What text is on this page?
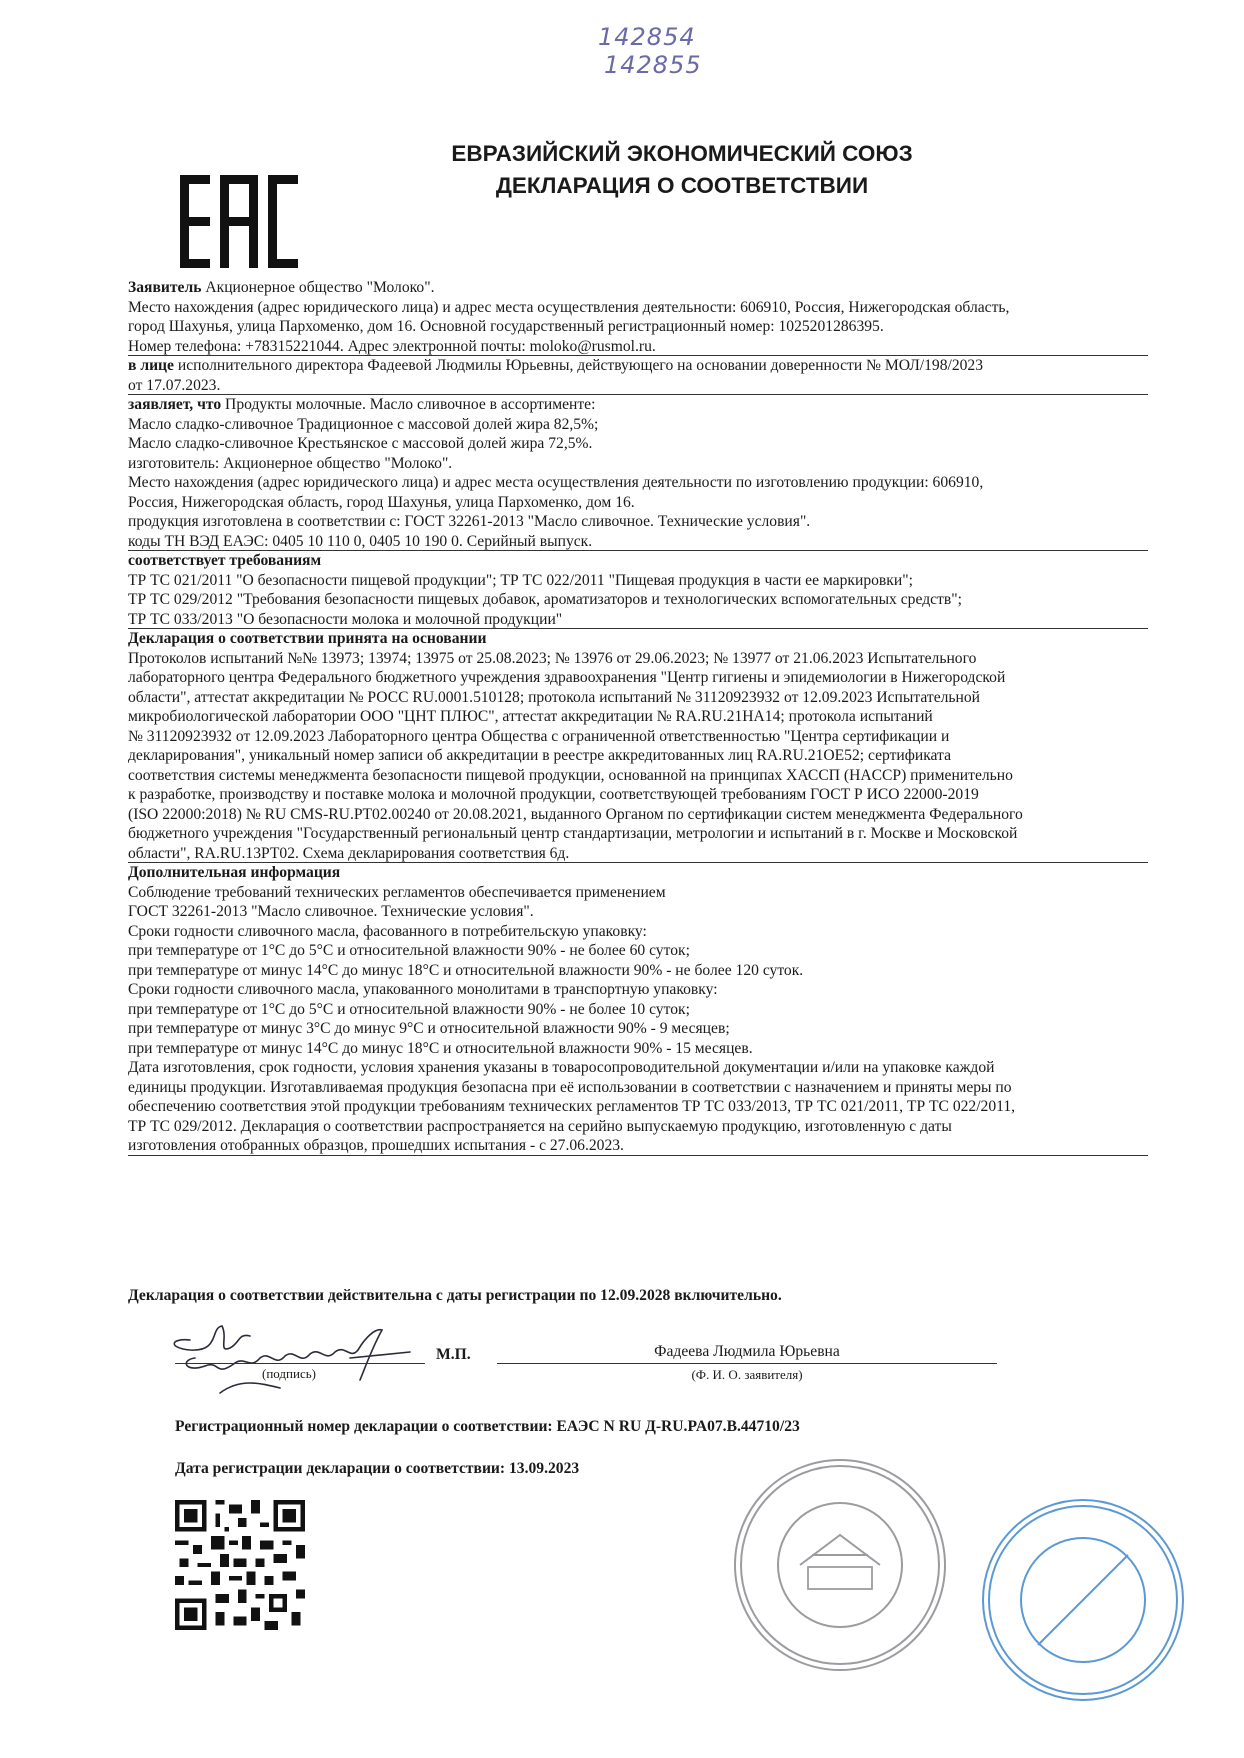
142854
142855
ЕВРАЗИЙСКИЙ ЭКОНОМИЧЕСКИЙ СОЮЗ
ДЕКЛАРАЦИЯ О СООТВЕТСТВИИ
Заявитель Акционерное общество "Молоко".
Место нахождения (адрес юридического лица) и адрес места осуществления деятельности: 606910, Россия, Нижегородская область,
город Шахунья, улица Пархоменко, дом 16. Основной государственный регистрационный номер: 1025201286395.
Номер телефона: +78315221044. Адрес электронной почты: moloko@rusmol.ru.
в лице исполнительного директора Фадеевой Людмилы Юрьевны, действующего на основании доверенности № МОЛ/198/2023
от 17.07.2023.
заявляет, что Продукты молочные. Масло сливочное в ассортименте:
Масло сладко-сливочное Традиционное с массовой долей жира 82,5%;
Масло сладко-сливочное Крестьянское с массовой долей жира 72,5%.
изготовитель: Акционерное общество "Молоко".
Место нахождения (адрес юридического лица) и адрес места осуществления деятельности по изготовлению продукции: 606910,
Россия, Нижегородская область, город Шахунья, улица Пархоменко, дом 16.
продукция изготовлена в соответствии с: ГОСТ 32261-2013 "Масло сливочное. Технические условия".
коды ТН ВЭД ЕАЭС: 0405 10 110 0, 0405 10 190 0. Серийный выпуск.
соответствует требованиям
ТР ТС 021/2011 "О безопасности пищевой продукции"; ТР ТС 022/2011 "Пищевая продукция в части ее маркировки";
ТР ТС 029/2012 "Требования безопасности пищевых добавок, ароматизаторов и технологических вспомогательных средств";
ТР ТС 033/2013 "О безопасности молока и молочной продукции"
Декларация о соответствии принята на основании
Протоколов испытаний №№ 13973; 13974; 13975 от 25.08.2023; № 13976 от 29.06.2023; № 13977 от 21.06.2023 Испытательного
лабораторного центра Федерального бюджетного учреждения здравоохранения "Центр гигиены и эпидемиологии в Нижегородской
области", аттестат аккредитации № РОСС RU.0001.510128; протокола испытаний № 31120923932 от 12.09.2023 Испытательной
микробиологической лаборатории ООО "ЦНТ ПЛЮС", аттестат аккредитации № RA.RU.21НА14; протокола испытаний
№ 31120923932 от 12.09.2023 Лабораторного центра Общества с ограниченной ответственностью "Центра сертификации и
декларирования", уникальный номер записи об аккредитации в реестре аккредитованных лиц RA.RU.21ОЕ52; сертификата
соответствия системы менеджмента безопасности пищевой продукции, основанной на принципах ХАССП (HACCP) применительно
к разработке, производству и поставке молока и молочной продукции, соответствующей требованиям ГОСТ Р ИСО 22000-2019
(ISO 22000:2018) № RU CMS-RU.PT02.00240 от 20.08.2021, выданного Органом по сертификации систем менеджмента Федерального
бюджетного учреждения "Государственный региональный центр стандартизации, метрологии и испытаний в г. Москве и Московской
области", RA.RU.13РТ02. Схема декларирования соответствия 6д.
Дополнительная информация
Соблюдение требований технических регламентов обеспечивается применением
ГОСТ 32261-2013 "Масло сливочное. Технические условия".
Сроки годности сливочного масла, фасованного в потребительскую упаковку:
при температуре от 1°С до 5°С и относительной влажности 90% - не более 60 суток;
при температуре от минус 14°С до минус 18°С и относительной влажности 90% - не более 120 суток.
Сроки годности сливочного масла, упакованного монолитами в транспортную упаковку:
при температуре от 1°С до 5°С и относительной влажности 90% - не более 10 суток;
при температуре от минус 3°С до минус 9°С и относительной влажности 90% - 9 месяцев;
при температуре от минус 14°С до минус 18°С и относительной влажности 90% - 15 месяцев.
Дата изготовления, срок годности, условия хранения указаны в товаросопроводительной документации и/или на упаковке каждой
единицы продукции. Изготавливаемая продукция безопасна при её использовании в соответствии с назначением и приняты меры по
обеспечению соответствия этой продукции требованиям технических регламентов ТР ТС 033/2013, ТР ТС 021/2011, ТР ТС 022/2011,
ТР ТС 029/2012. Декларация о соответствии распространяется на серийно выпускаемую продукцию, изготовленную с даты
изготовления отобранных образцов, прошедших испытания - с 27.06.2023.
Декларация о соответствии действительна с даты регистрации по 12.09.2028 включительно.
(подпись)
М.П.	Фадеева Людмила Юрьевна
(Ф. И. О. заявителя)
Регистрационный номер декларации о соответствии: ЕАЭС N RU Д-RU.PA07.B.44710/23
Дата регистрации декларации о соответствии: 13.09.2023
